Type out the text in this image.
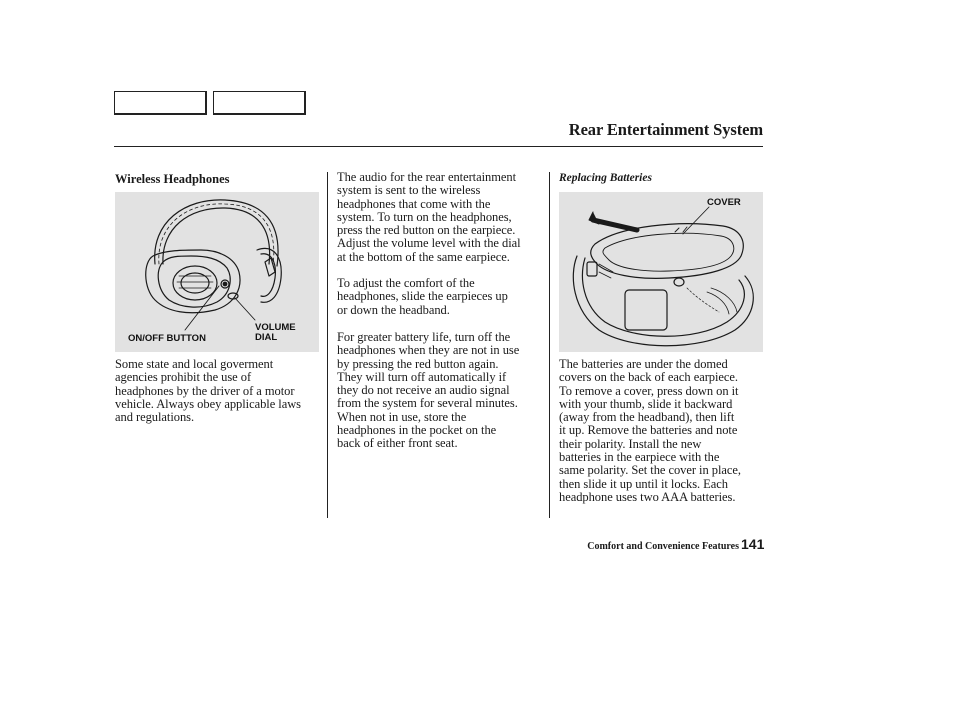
Rear Entertainment System
Wireless Headphones
VOLUME
DIAL
ON/OFF BUTTON

Some state and local goverment
agencies prohibit the use of
headphones by the driver of a motor
vehicle. Always obey applicable laws
and regulations.

The audio for the rear entertainment
system is sent to the wireless
headphones that come with the
system. To turn on the headphones,
press the red button on the earpiece.
Adjust the volume level with the dial
at the bottom of the same earpiece.

To adjust the comfort of the
headphones, slide the earpieces up
or down the headband.

For greater battery life, turn off the
headphones when they are not in use
by pressing the red button again.
They will turn off automatically if
they do not receive an audio signal
from the system for several minutes.
When not in use, store the
headphones in the pocket on the
back of either front seat.

Replacing Batteries
COVER

The batteries are under the domed
covers on the back of each earpiece.
To remove a cover, press down on it
with your thumb, slide it backward
(away from the headband), then lift
it up. Remove the batteries and note
their polarity. Install the new
batteries in the earpiece with the
same polarity. Set the cover in place,
then slide it up until it locks. Each
headphone uses two AAA batteries.

Comfort and Convenience Features 141
